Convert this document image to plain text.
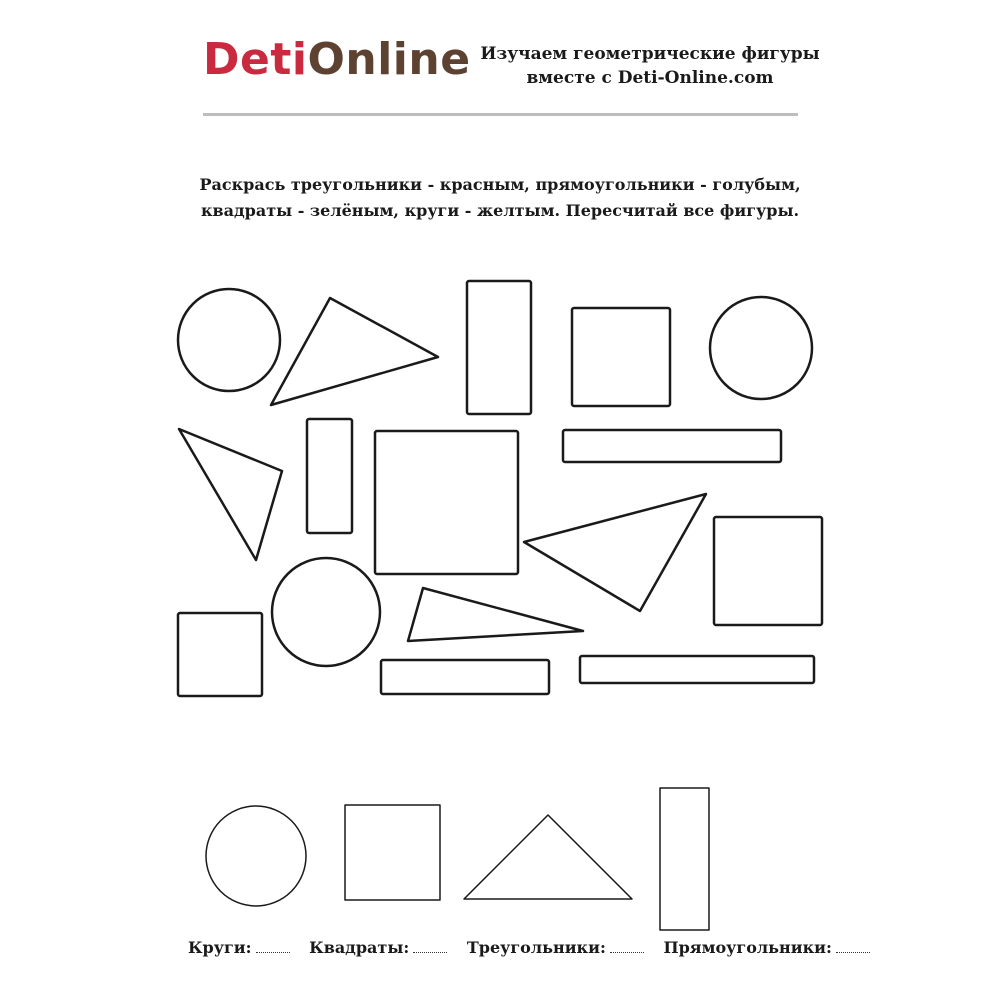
DetiOnline Изучаем геометрические фигуры
вместе с Deti-Online.com
Раскрась треугольники - красным, прямоугольники - голубым,
квадраты - зелёным, круги - желтым. Пересчитай все фигуры.
Круги:	Квадраты:	Треугольники:	Прямоугольники:
